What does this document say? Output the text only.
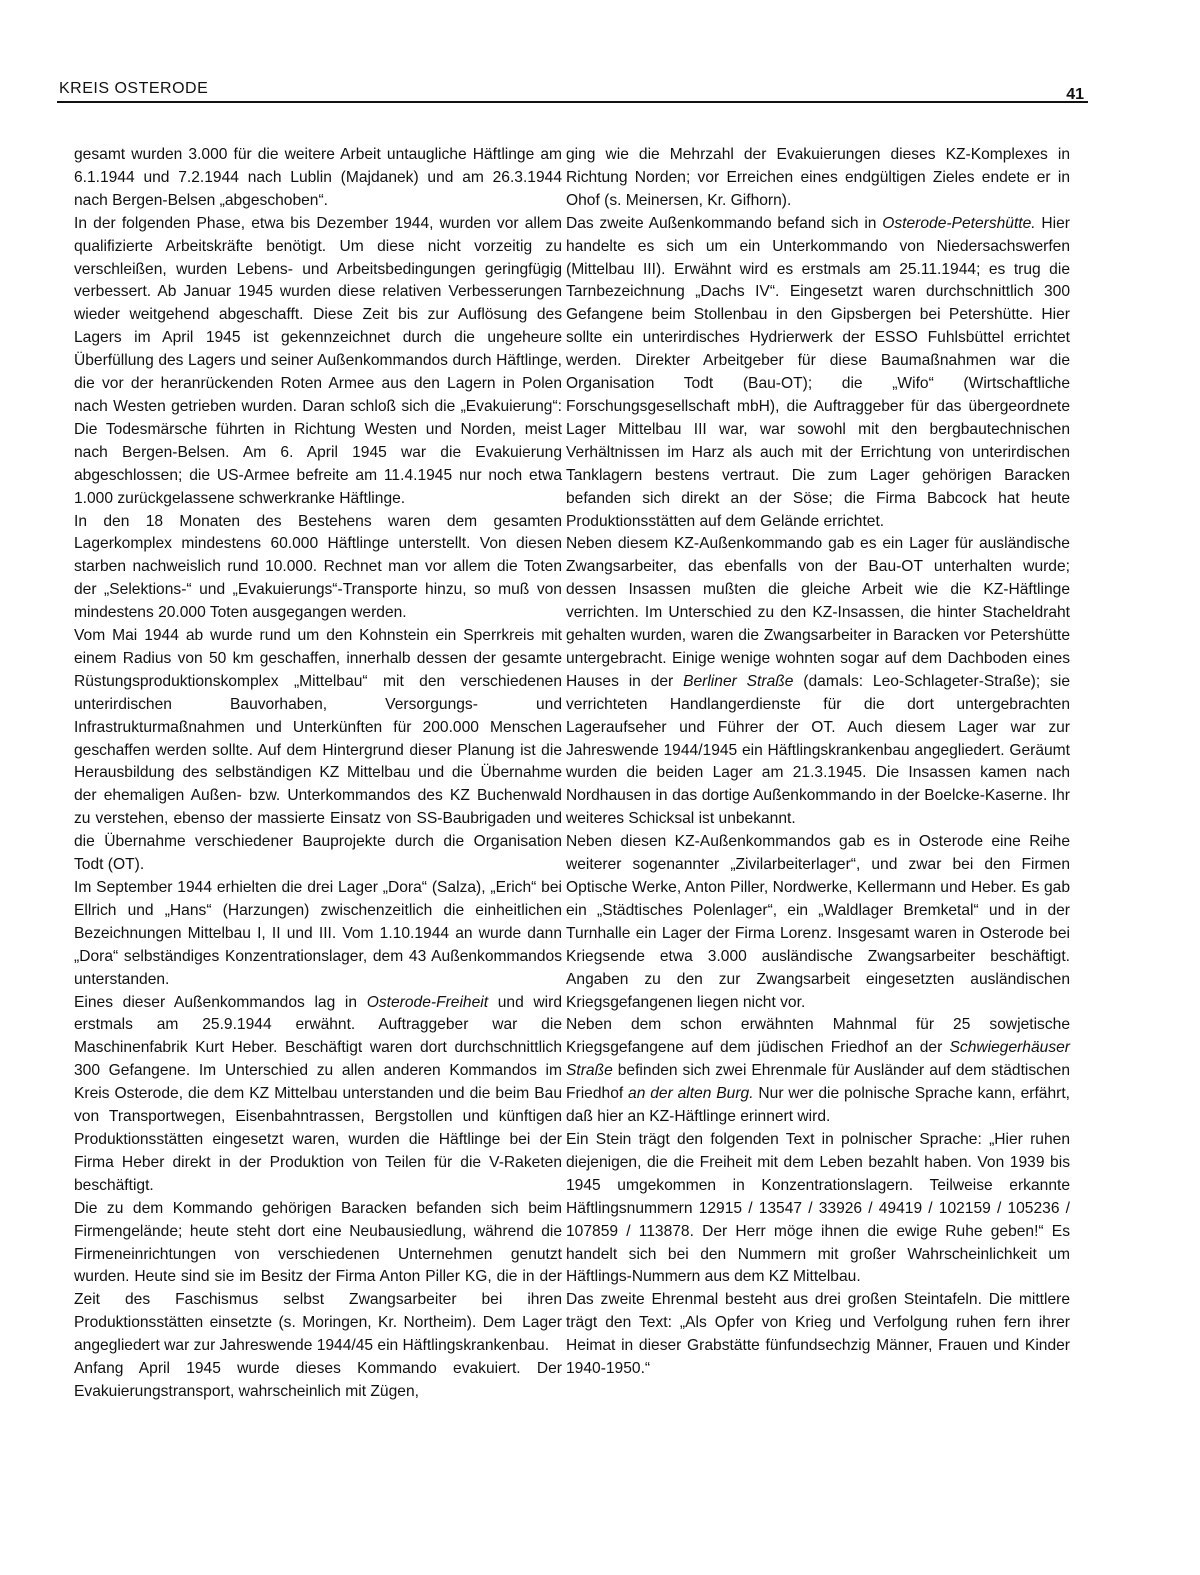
KREIS OSTERODE	41

gesamt wurden 3.000 für die weitere Arbeit untaugliche Häftlinge am 6.1.1944 und 7.2.1944 nach Lublin (Majdanek) und am 26.3.1944 nach Bergen-Belsen „abgeschoben“.

In der folgenden Phase, etwa bis Dezember 1944, wurden vor allem qualifizierte Arbeitskräfte benötigt. Um diese nicht vorzeitig zu verschleißen, wurden Lebens- und Arbeitsbedingungen geringfügig verbessert. Ab Januar 1945 wurden diese relativen Verbesserungen wieder weitgehend abgeschafft. Diese Zeit bis zur Auflösung des Lagers im April 1945 ist gekennzeichnet durch die ungeheure Überfüllung des Lagers und seiner Außenkommandos durch Häftlinge, die vor der heranrückenden Roten Armee aus den Lagern in Polen nach Westen getrieben wurden. Daran schloß sich die „Evakuierung“: Die Todesmärsche führten in Richtung Westen und Norden, meist nach Bergen-Belsen. Am 6. April 1945 war die Evakuierung abgeschlossen; die US-Armee befreite am 11.4.1945 nur noch etwa 1.000 zurückgelassene schwerkranke Häftlinge.

In den 18 Monaten des Bestehens waren dem gesamten Lagerkomplex mindestens 60.000 Häftlinge unterstellt. Von diesen starben nachweislich rund 10.000. Rechnet man vor allem die Toten der „Selektions-“ und „Evakuierungs“-Transporte hinzu, so muß von mindestens 20.000 Toten ausgegangen werden.

Vom Mai 1944 ab wurde rund um den Kohnstein ein Sperrkreis mit einem Radius von 50 km geschaffen, innerhalb dessen der gesamte Rüstungsproduktionskomplex „Mittelbau“ mit den verschiedenen unterirdischen Bauvorhaben, Versorgungs- und Infrastrukturmaßnahmen und Unterkünften für 200.000 Menschen geschaffen werden sollte. Auf dem Hintergrund dieser Planung ist die Herausbildung des selbständigen KZ Mittelbau und die Übernahme der ehemaligen Außen- bzw. Unterkommandos des KZ Buchenwald zu verstehen, ebenso der massierte Einsatz von SS-Baubrigaden und die Übernahme verschiedener Bauprojekte durch die Organisation Todt (OT).

Im September 1944 erhielten die drei Lager „Dora“ (Salza), „Erich“ bei Ellrich und „Hans“ (Harzungen) zwischenzeitlich die einheitlichen Bezeichnungen Mittelbau I, II und III. Vom 1.10.1944 an wurde dann „Dora“ selbständiges Konzentrationslager, dem 43 Außenkommandos unterstanden.

Eines dieser Außenkommandos lag in Osterode-Freiheit und wird erstmals am 25.9.1944 erwähnt. Auftraggeber war die Maschinenfabrik Kurt Heber. Beschäftigt waren dort durchschnittlich 300 Gefangene. Im Unterschied zu allen anderen Kommandos im Kreis Osterode, die dem KZ Mittelbau unterstanden und die beim Bau von Transportwegen, Eisenbahntrassen, Bergstollen und künftigen Produktionsstätten eingesetzt waren, wurden die Häftlinge bei der Firma Heber direkt in der Produktion von Teilen für die V-Raketen beschäftigt.

Die zu dem Kommando gehörigen Baracken befanden sich beim Firmengelände; heute steht dort eine Neubausiedlung, während die Firmeneinrichtungen von verschiedenen Unternehmen genutzt wurden. Heute sind sie im Besitz der Firma Anton Piller KG, die in der Zeit des Faschismus selbst Zwangsarbeiter bei ihren Produktionsstätten einsetzte (s. Moringen, Kr. Northeim). Dem Lager angegliedert war zur Jahreswende 1944/45 ein Häftlingskrankenbau.

Anfang April 1945 wurde dieses Kommando evakuiert. Der Evakuierungstransport, wahrscheinlich mit Zügen,

ging wie die Mehrzahl der Evakuierungen dieses KZ-Komplexes in Richtung Norden; vor Erreichen eines endgültigen Zieles endete er in Ohof (s. Meinersen, Kr. Gifhorn).

Das zweite Außenkommando befand sich in Osterode-Petershütte. Hier handelte es sich um ein Unterkommando von Niedersachswerfen (Mittelbau III). Erwähnt wird es erstmals am 25.11.1944; es trug die Tarnbezeichnung „Dachs IV“. Eingesetzt waren durchschnittlich 300 Gefangene beim Stollenbau in den Gipsbergen bei Petershütte. Hier sollte ein unterirdisches Hydrierwerk der ESSO Fuhlsbüttel errichtet werden. Direkter Arbeitgeber für diese Baumaßnahmen war die Organisation Todt (Bau-OT); die „Wifo“ (Wirtschaftliche Forschungsgesellschaft mbH), die Auftraggeber für das übergeordnete Lager Mittelbau III war, war sowohl mit den bergbautechnischen Verhältnissen im Harz als auch mit der Errichtung von unterirdischen Tanklagern bestens vertraut. Die zum Lager gehörigen Baracken befanden sich direkt an der Söse; die Firma Babcock hat heute Produktionsstätten auf dem Gelände errichtet.

Neben diesem KZ-Außenkommando gab es ein Lager für ausländische Zwangsarbeiter, das ebenfalls von der Bau-OT unterhalten wurde; dessen Insassen mußten die gleiche Arbeit wie die KZ-Häftlinge verrichten. Im Unterschied zu den KZ-Insassen, die hinter Stacheldraht gehalten wurden, waren die Zwangsarbeiter in Baracken vor Petershütte untergebracht. Einige wenige wohnten sogar auf dem Dachboden eines Hauses in der Berliner Straße (damals: Leo-Schlageter-Straße); sie verrichteten Handlangerdienste für die dort untergebrachten Lageraufseher und Führer der OT. Auch diesem Lager war zur Jahreswende 1944/1945 ein Häftlingskrankenbau angegliedert. Geräumt wurden die beiden Lager am 21.3.1945. Die Insassen kamen nach Nordhausen in das dortige Außenkommando in der Boelcke-Kaserne. Ihr weiteres Schicksal ist unbekannt.

Neben diesen KZ-Außenkommandos gab es in Osterode eine Reihe weiterer sogenannter „Zivilarbeiterlager“, und zwar bei den Firmen Optische Werke, Anton Piller, Nordwerke, Kellermann und Heber. Es gab ein „Städtisches Polenlager“, ein „Waldlager Bremketal“ und in der Turnhalle ein Lager der Firma Lorenz. Insgesamt waren in Osterode bei Kriegsende etwa 3.000 ausländische Zwangsarbeiter beschäftigt. Angaben zu den zur Zwangsarbeit eingesetzten ausländischen Kriegsgefangenen liegen nicht vor.

Neben dem schon erwähnten Mahnmal für 25 sowjetische Kriegsgefangene auf dem jüdischen Friedhof an der Schwiegerhäuser Straße befinden sich zwei Ehrenmale für Ausländer auf dem städtischen Friedhof an der alten Burg. Nur wer die polnische Sprache kann, erfährt, daß hier an KZ-Häftlinge erinnert wird.

Ein Stein trägt den folgenden Text in polnischer Sprache: „Hier ruhen diejenigen, die die Freiheit mit dem Leben bezahlt haben. Von 1939 bis 1945 umgekommen in Konzentrationslagern. Teilweise erkannte Häftlingsnummern 12915 / 13547 / 33926 / 49419 / 102159 / 105236 / 107859 / 113878. Der Herr möge ihnen die ewige Ruhe geben!“ Es handelt sich bei den Nummern mit großer Wahrscheinlichkeit um Häftlings-Nummern aus dem KZ Mittelbau.

Das zweite Ehrenmal besteht aus drei großen Steintafeln. Die mittlere trägt den Text: „Als Opfer von Krieg und Verfolgung ruhen fern ihrer Heimat in dieser Grabstätte fünfundsechzig Männer, Frauen und Kinder 1940-1950.“
